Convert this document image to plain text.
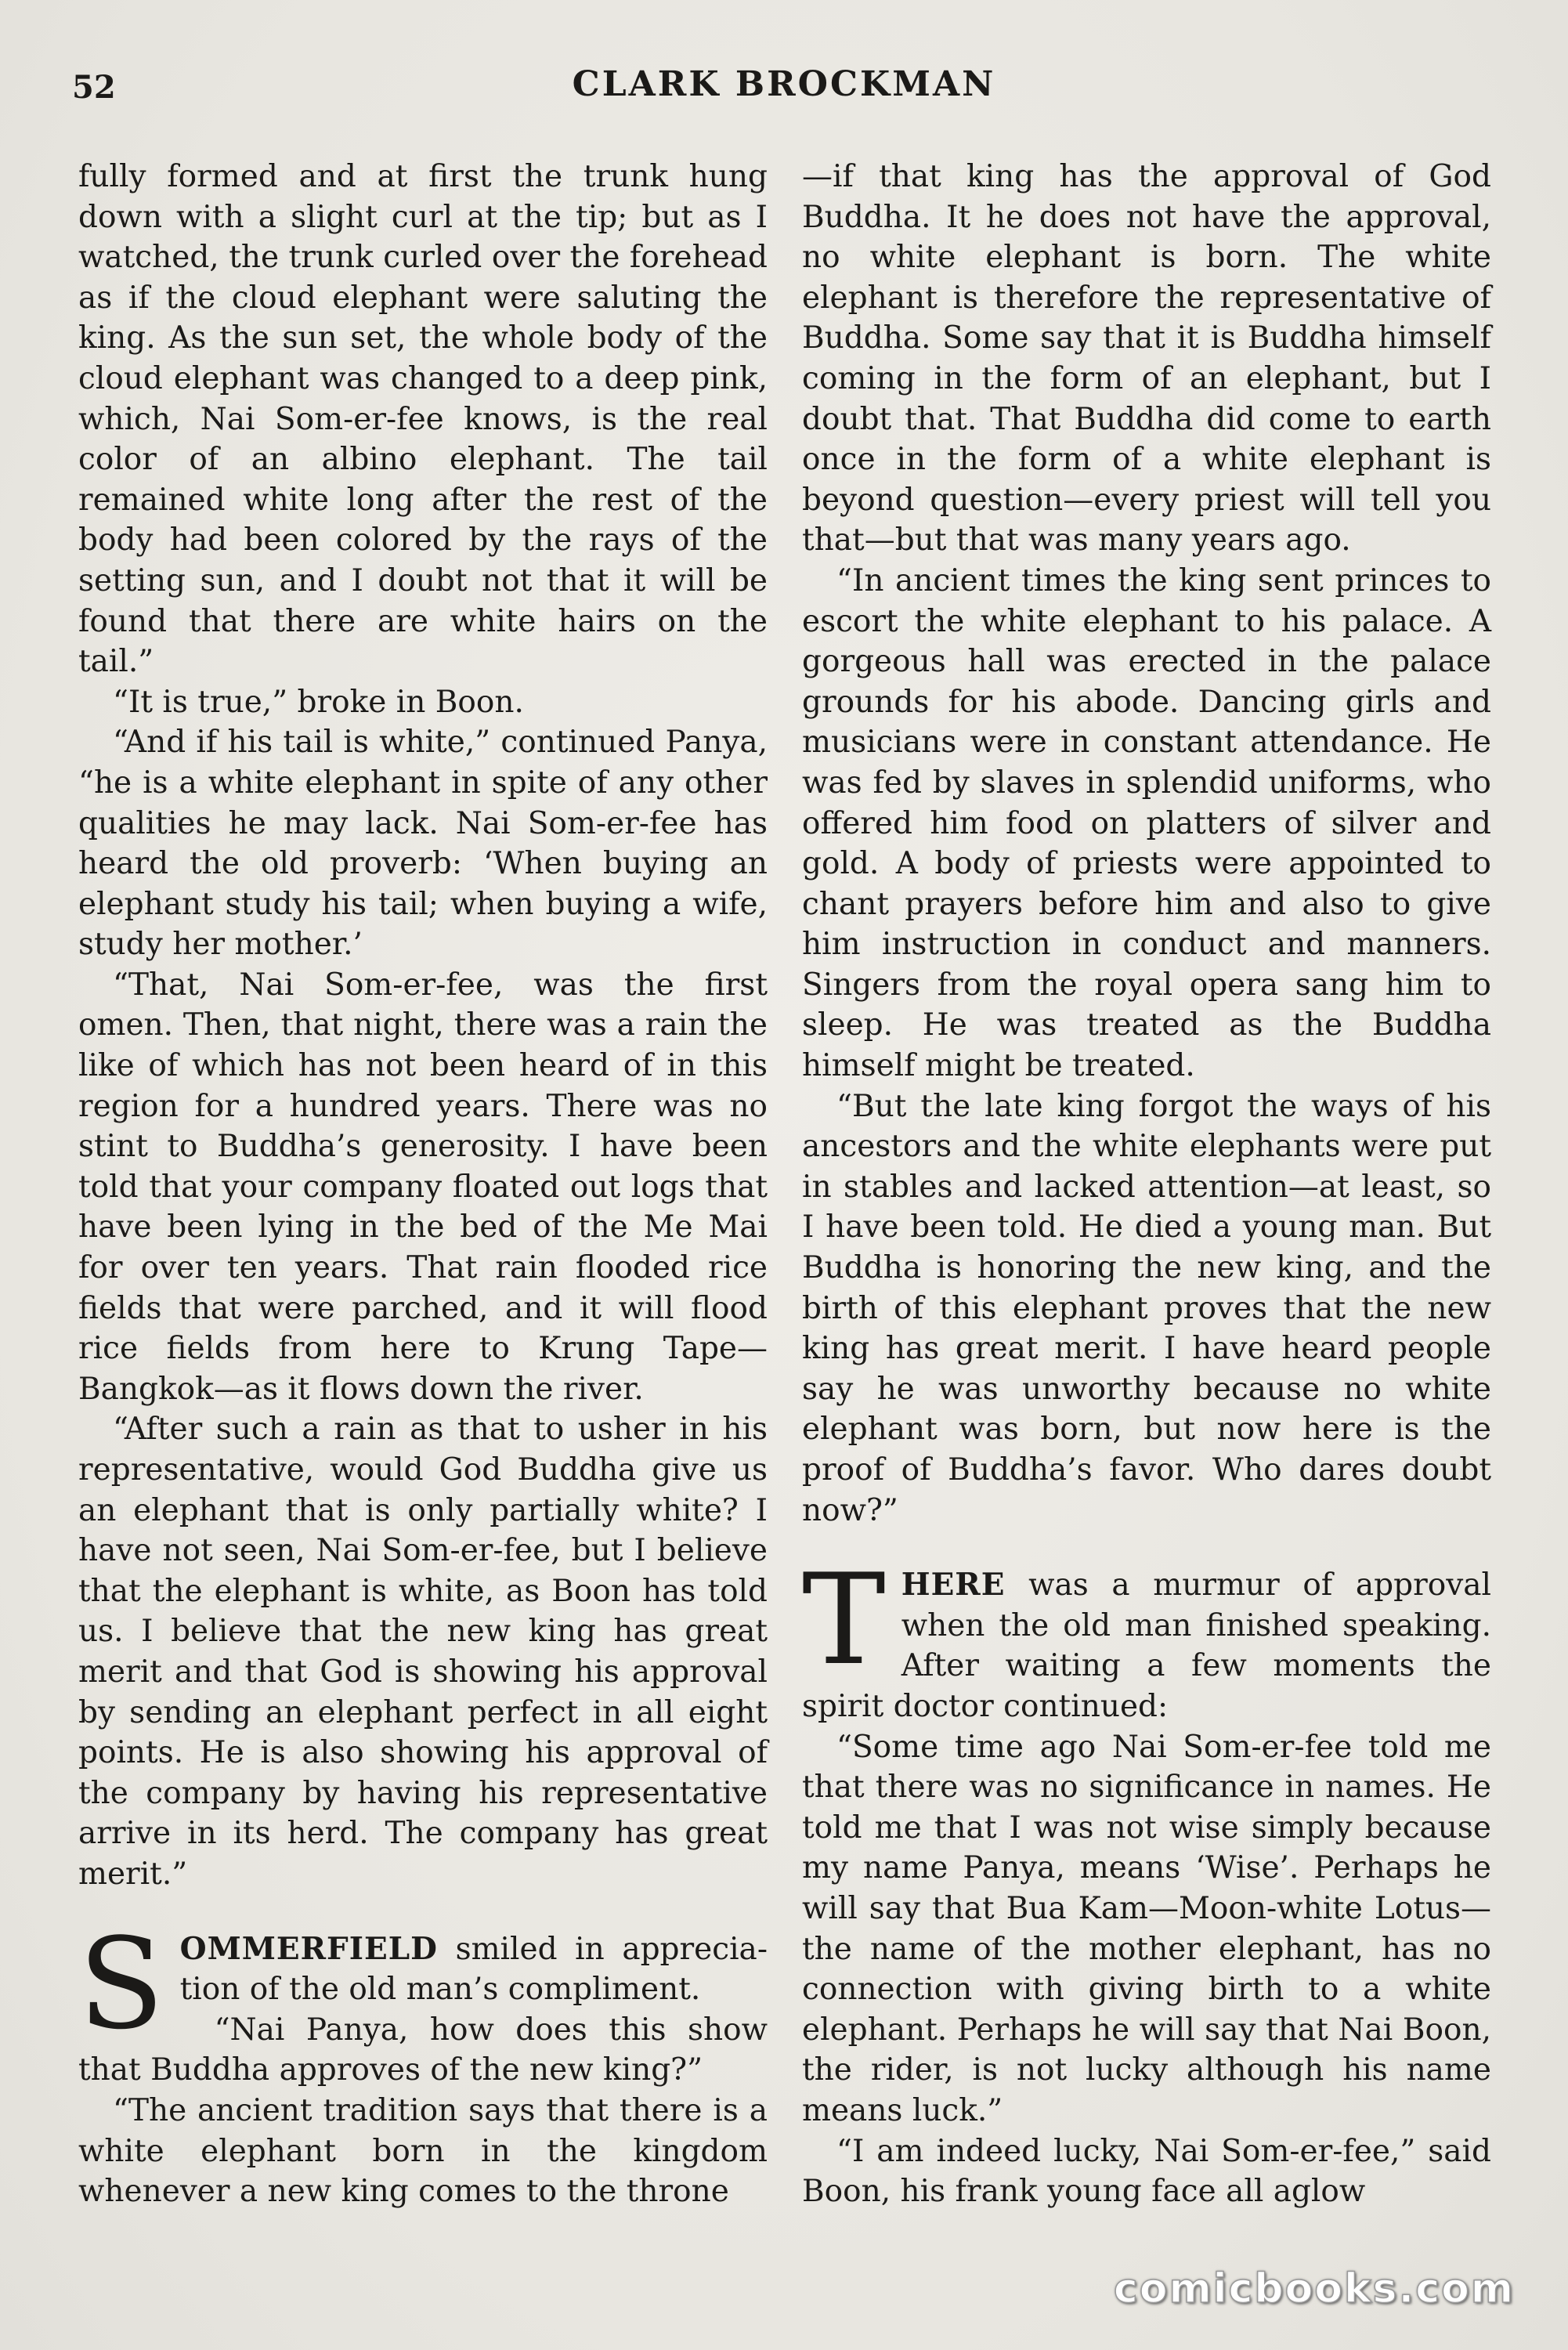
52	CLARK BROCKMAN

fully formed and at first the trunk hung down with a slight curl at the tip; but as I watched, the trunk curled over the forehead as if the cloud elephant were saluting the king. As the sun set, the whole body of the cloud elephant was changed to a deep pink, which, Nai Som-er-fee knows, is the real color of an albino elephant. The tail remained white long after the rest of the body had been colored by the rays of the setting sun, and I doubt not that it will be found that there are white hairs on the tail.”

“It is true,” broke in Boon.

“And if his tail is white,” continued Panya, “he is a white elephant in spite of any other qualities he may lack. Nai Som-er-fee has heard the old proverb: ‘When buying an elephant study his tail; when buying a wife, study her mother.’

“That, Nai Som-er-fee, was the first omen. Then, that night, there was a rain the like of which has not been heard of in this region for a hundred years. There was no stint to Buddha’s generosity. I have been told that your company floated out logs that have been lying in the bed of the Me Mai for over ten years. That rain flooded rice fields that were parched, and it will flood rice fields from here to Krung Tape—Bangkok—as it flows down the river.

“After such a rain as that to usher in his representative, would God Buddha give us an elephant that is only partially white? I have not seen, Nai Som-er-fee, but I believe that the elephant is white, as Boon has told us. I believe that the new king has great merit and that God is showing his approval by sending an elephant perfect in all eight points. He is also showing his approval of the company by having his representative arrive in its herd. The company has great merit.”

SOMMERFIELD smiled in appreciation of the old man’s compliment.

“Nai Panya, how does this show that Buddha approves of the new king?”

“The ancient tradition says that there is a white elephant born in the kingdom whenever a new king comes to the throne

—if that king has the approval of God Buddha. It he does not have the approval, no white elephant is born. The white elephant is therefore the representative of Buddha. Some say that it is Buddha himself coming in the form of an elephant, but I doubt that. That Buddha did come to earth once in the form of a white elephant is beyond question—every priest will tell you that—but that was many years ago.

“In ancient times the king sent princes to escort the white elephant to his palace. A gorgeous hall was erected in the palace grounds for his abode. Dancing girls and musicians were in constant attendance. He was fed by slaves in splendid uniforms, who offered him food on platters of silver and gold. A body of priests were appointed to chant prayers before him and also to give him instruction in conduct and manners. Singers from the royal opera sang him to sleep. He was treated as the Buddha himself might be treated.

“But the late king forgot the ways of his ancestors and the white elephants were put in stables and lacked attention—at least, so I have been told. He died a young man. But Buddha is honoring the new king, and the birth of this elephant proves that the new king has great merit. I have heard people say he was unworthy because no white elephant was born, but now here is the proof of Buddha’s favor. Who dares doubt now?”

THERE was a murmur of approval when the old man finished speaking. After waiting a few moments the spirit doctor continued:

“Some time ago Nai Som-er-fee told me that there was no significance in names. He told me that I was not wise simply because my name Panya, means ‘Wise’. Perhaps he will say that Bua Kam—Moon-white Lotus—the name of the mother elephant, has no connection with giving birth to a white elephant. Perhaps he will say that Nai Boon, the rider, is not lucky although his name means luck.”

“I am indeed lucky, Nai Som-er-fee,” said Boon, his frank young face all aglow

comicbooks.com
